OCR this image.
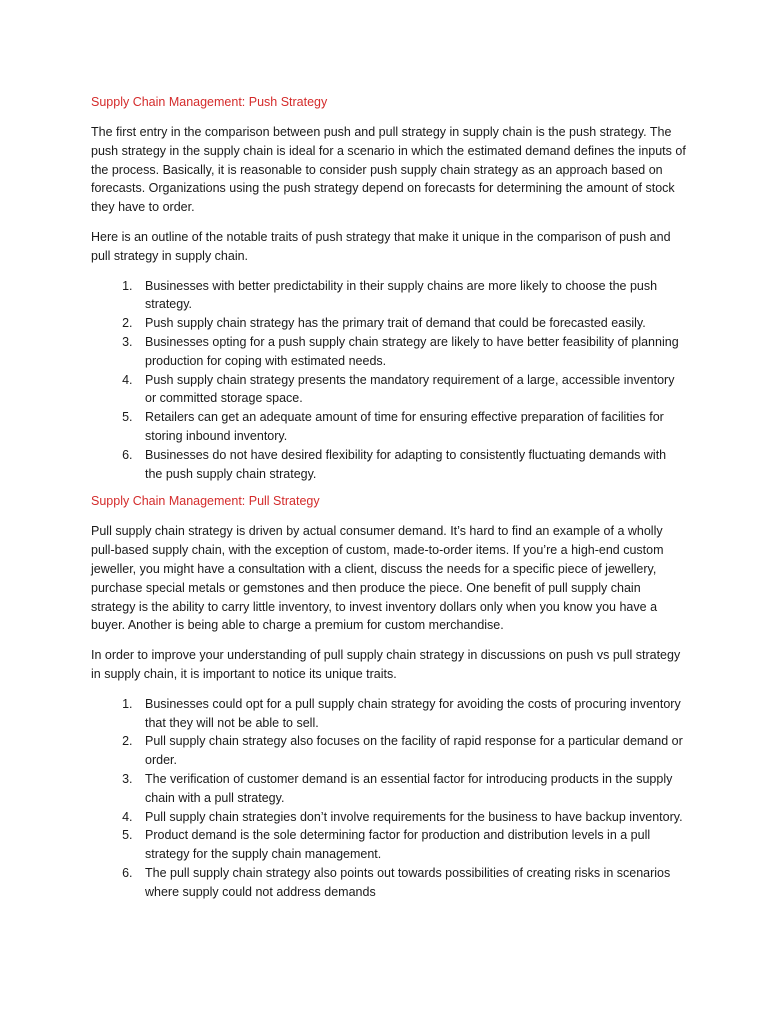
Supply Chain Management: Push Strategy

The first entry in the comparison between push and pull strategy in supply chain is the push strategy. The push strategy in the supply chain is ideal for a scenario in which the estimated demand defines the inputs of the process. Basically, it is reasonable to consider push supply chain strategy as an approach based on forecasts. Organizations using the push strategy depend on forecasts for determining the amount of stock they have to order.

Here is an outline of the notable traits of push strategy that make it unique in the comparison of push and pull strategy in supply chain.

1. Businesses with better predictability in their supply chains are more likely to choose the push strategy.
2. Push supply chain strategy has the primary trait of demand that could be forecasted easily.
3. Businesses opting for a push supply chain strategy are likely to have better feasibility of planning production for coping with estimated needs.
4. Push supply chain strategy presents the mandatory requirement of a large, accessible inventory or committed storage space.
5. Retailers can get an adequate amount of time for ensuring effective preparation of facilities for storing inbound inventory.
6. Businesses do not have desired flexibility for adapting to consistently fluctuating demands with the push supply chain strategy.
Supply Chain Management: Pull Strategy

Pull supply chain strategy is driven by actual consumer demand. It’s hard to find an example of a wholly pull-based supply chain, with the exception of custom, made-to-order items. If you’re a high-end custom jeweller, you might have a consultation with a client, discuss the needs for a specific piece of jewellery, purchase special metals or gemstones and then produce the piece. One benefit of pull supply chain strategy is the ability to carry little inventory, to invest inventory dollars only when you know you have a buyer. Another is being able to charge a premium for custom merchandise.

In order to improve your understanding of pull supply chain strategy in discussions on push vs pull strategy in supply chain, it is important to notice its unique traits.

1. Businesses could opt for a pull supply chain strategy for avoiding the costs of procuring inventory that they will not be able to sell.
2. Pull supply chain strategy also focuses on the facility of rapid response for a particular demand or order.
3. The verification of customer demand is an essential factor for introducing products in the supply chain with a pull strategy.
4. Pull supply chain strategies don’t involve requirements for the business to have backup inventory.
5. Product demand is the sole determining factor for production and distribution levels in a pull strategy for the supply chain management.
6. The pull supply chain strategy also points out towards possibilities of creating risks in scenarios where supply could not address demands
